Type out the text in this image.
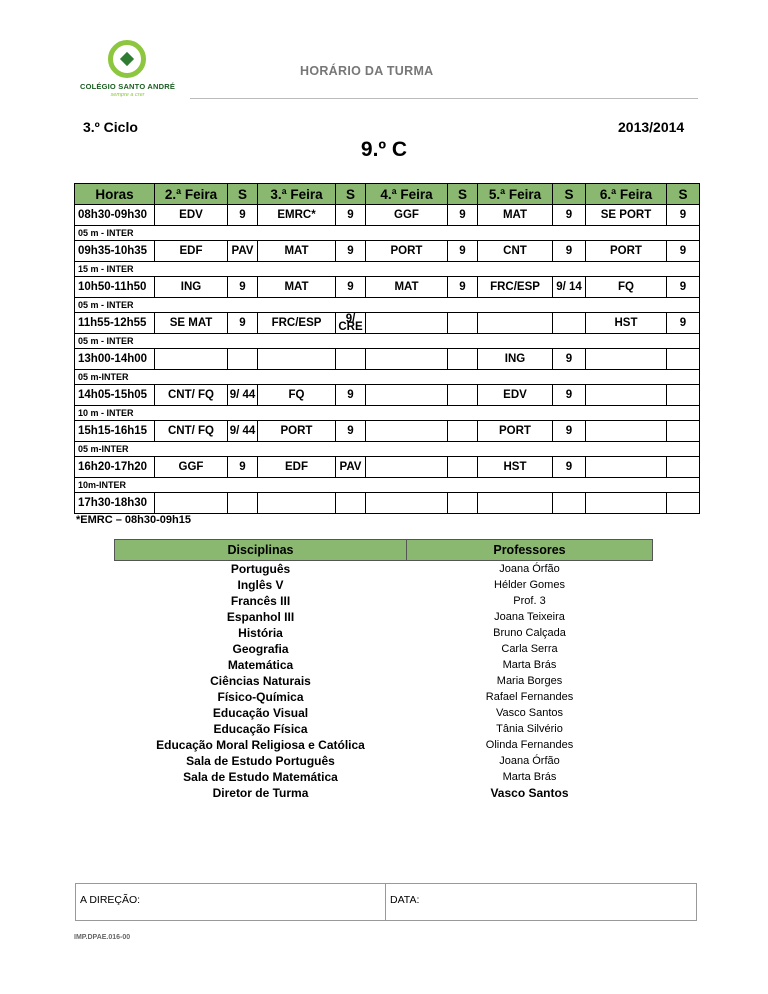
COLÉGIO SANTO ANDRÉ
sempre a crer
HORÁRIO DA TURMA
3.º Ciclo	2013/2014
9.º C
Horas	2.ª Feira	S	3.ª Feira	S	4.ª Feira	S	5.ª Feira	S	6.ª Feira	S
08h30-09h30	EDV	9	EMRC*	9	GGF	9	MAT	9	SE PORT	9
05 m - INTER										
09h35-10h35	EDF	PAV	MAT	9	PORT	9	CNT	9	PORT	9
15 m - INTER										
10h50-11h50	ING	9	MAT	9	MAT	9	FRC/ESP	9/ 14	FQ	9
05 m - INTER										
11h55-12h55	SE MAT	9	FRC/ESP	9/ CRE					HST	9
05 m - INTER										
13h00-14h00							ING	9		
05 m-INTER										
14h05-15h05	CNT/ FQ	9/ 44	FQ	9			EDV	9		
10 m - INTER										
15h15-16h15	CNT/ FQ	9/ 44	PORT	9			PORT	9		
05 m-INTER										
16h20-17h20	GGF	9	EDF	PAV			HST	9		
10m-INTER										
17h30-18h30										
*EMRC – 08h30-09h15
Disciplinas	Professores
Português	Joana Órfão
Inglês V	Hélder Gomes
Francês III	Prof. 3
Espanhol III	Joana Teixeira
História	Bruno Calçada
Geografia	Carla Serra
Matemática	Marta Brás
Ciências Naturais	Maria Borges
Físico-Química	Rafael Fernandes
Educação Visual	Vasco Santos
Educação Física	Tânia Silvério
Educação Moral Religiosa e Católica	Olinda Fernandes
Sala de Estudo Português	Joana Órfão
Sala de Estudo Matemática	Marta Brás
Diretor de Turma	Vasco Santos
A DIREÇÃO:	DATA:
IMP.DPAE.016-00
